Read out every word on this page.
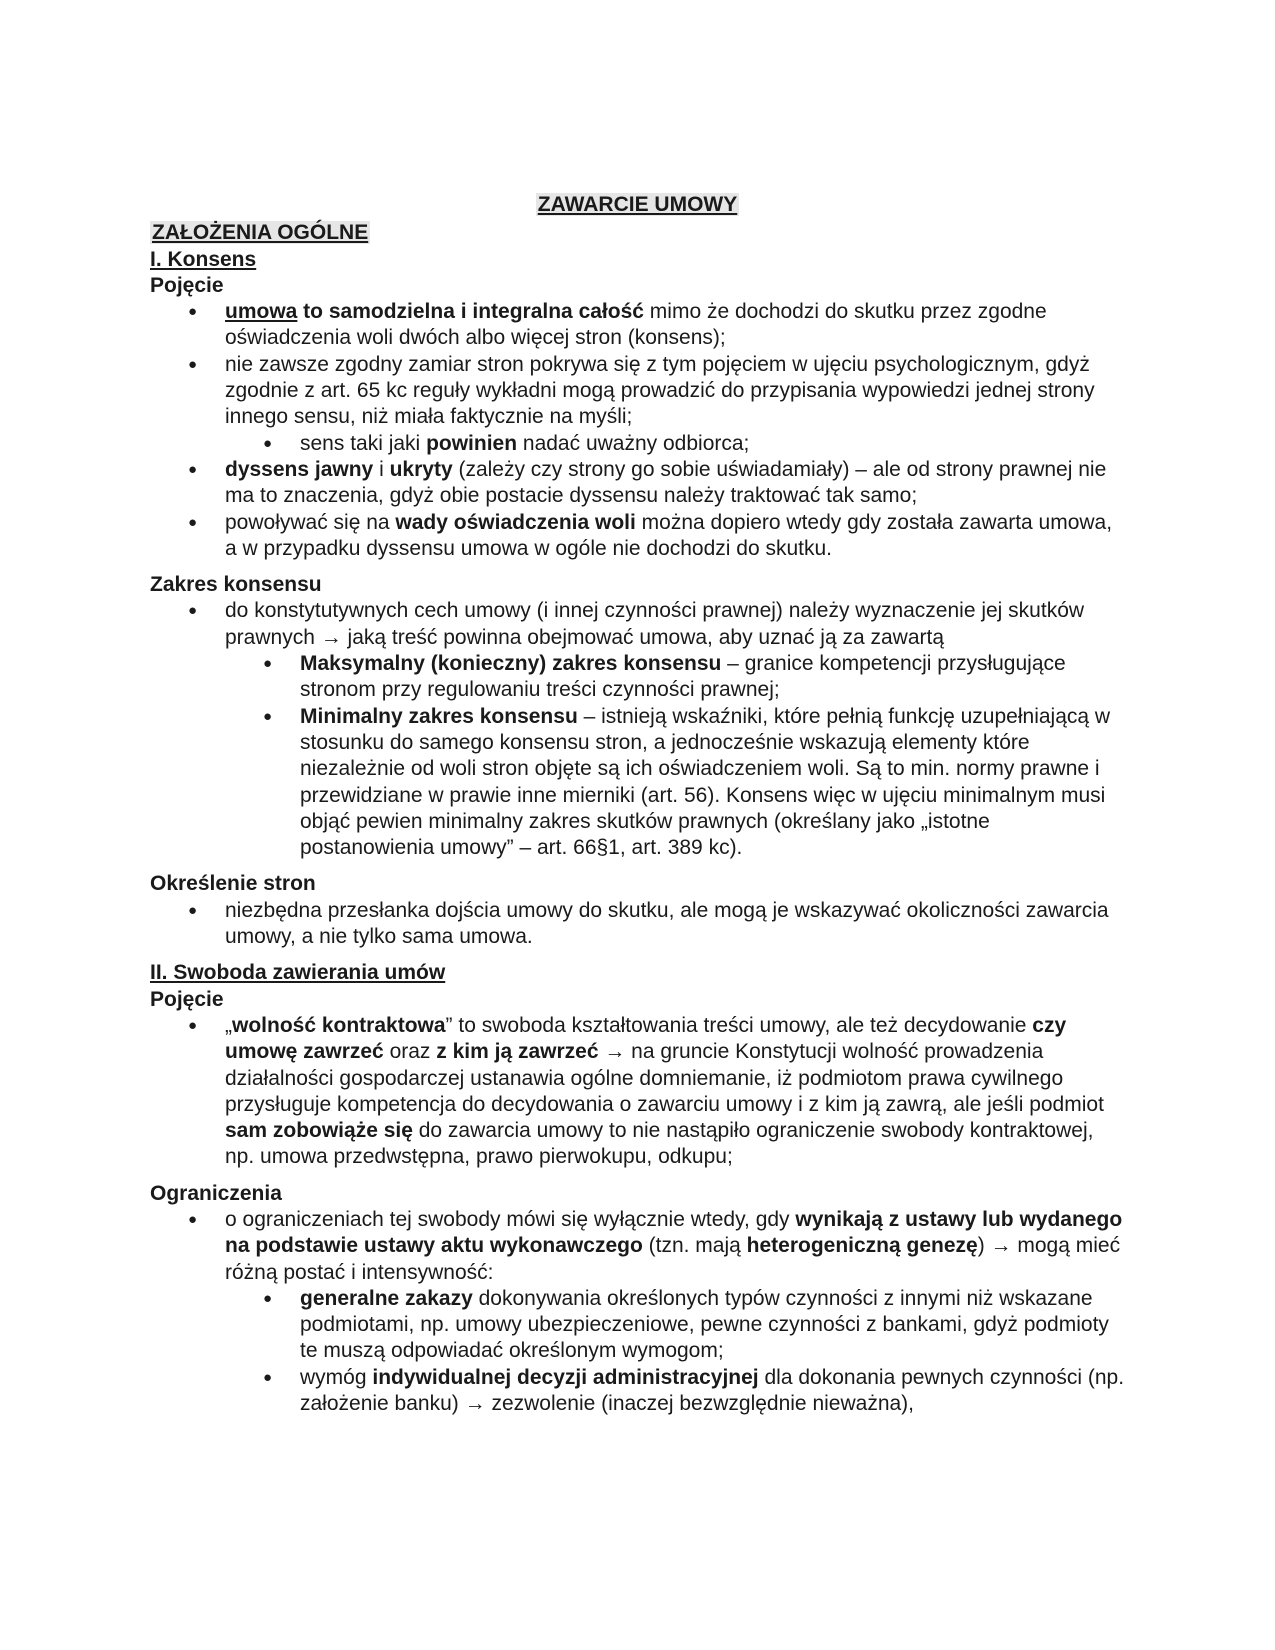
ZAWARCIE UMOWY

ZAŁOŻENIA OGÓLNE

I. Konsens

Pojęcie

● umowa to samodzielna i integralna całość mimo że dochodzi do skutku przez zgodne oświadczenia woli dwóch albo więcej stron (konsens);
● nie zawsze zgodny zamiar stron pokrywa się z tym pojęciem w ujęciu psychologicznym, gdyż zgodnie z art. 65 kc reguły wykładni mogą prowadzić do przypisania wypowiedzi jednej strony innego sensu, niż miała faktycznie na myśli;
● sens taki jaki powinien nadać uważny odbiorca;
● dyssens jawny i ukryty (zależy czy strony go sobie uświadamiały) – ale od strony prawnej nie ma to znaczenia, gdyż obie postacie dyssensu należy traktować tak samo;
● powoływać się na wady oświadczenia woli można dopiero wtedy gdy została zawarta umowa, a w przypadku dyssensu umowa w ogóle nie dochodzi do skutku.

Zakres konsensu

● do konstytutywnych cech umowy (i innej czynności prawnej) należy wyznaczenie jej skutków prawnych → jaką treść powinna obejmować umowa, aby uznać ją za zawartą
● Maksymalny (konieczny) zakres konsensu – granice kompetencji przysługujące stronom przy regulowaniu treści czynności prawnej;
● Minimalny zakres konsensu – istnieją wskaźniki, które pełnią funkcję uzupełniającą w stosunku do samego konsensu stron, a jednocześnie wskazują elementy które niezależnie od woli stron objęte są ich oświadczeniem woli. Są to min. normy prawne i przewidziane w prawie inne mierniki (art. 56). Konsens więc w ujęciu minimalnym musi objąć pewien minimalny zakres skutków prawnych (określany jako „istotne postanowienia umowy” – art. 66§1, art. 389 kc).

Określenie stron

● niezbędna przesłanka dojścia umowy do skutku, ale mogą je wskazywać okoliczności zawarcia umowy, a nie tylko sama umowa.

II. Swoboda zawierania umów

Pojęcie

● „wolność kontraktowa” to swoboda kształtowania treści umowy, ale też decydowanie czy umowę zawrzeć oraz z kim ją zawrzeć → na gruncie Konstytucji wolność prowadzenia działalności gospodarczej ustanawia ogólne domniemanie, iż podmiotom prawa cywilnego przysługuje kompetencja do decydowania o zawarciu umowy i z kim ją zawrą, ale jeśli podmiot sam zobowiąże się do zawarcia umowy to nie nastąpiło ograniczenie swobody kontraktowej, np. umowa przedwstępna, prawo pierwokupu, odkupu;

Ograniczenia

● o ograniczeniach tej swobody mówi się wyłącznie wtedy, gdy wynikają z ustawy lub wydanego na podstawie ustawy aktu wykonawczego (tzn. mają heterogeniczną genezę) → mogą mieć różną postać i intensywność:
● generalne zakazy dokonywania określonych typów czynności z innymi niż wskazane podmiotami, np. umowy ubezpieczeniowe, pewne czynności z bankami, gdyż podmioty te muszą odpowiadać określonym wymogom;
● wymóg indywidualnej decyzji administracyjnej dla dokonania pewnych czynności (np. założenie banku) → zezwolenie (inaczej bezwzględnie nieważna),
